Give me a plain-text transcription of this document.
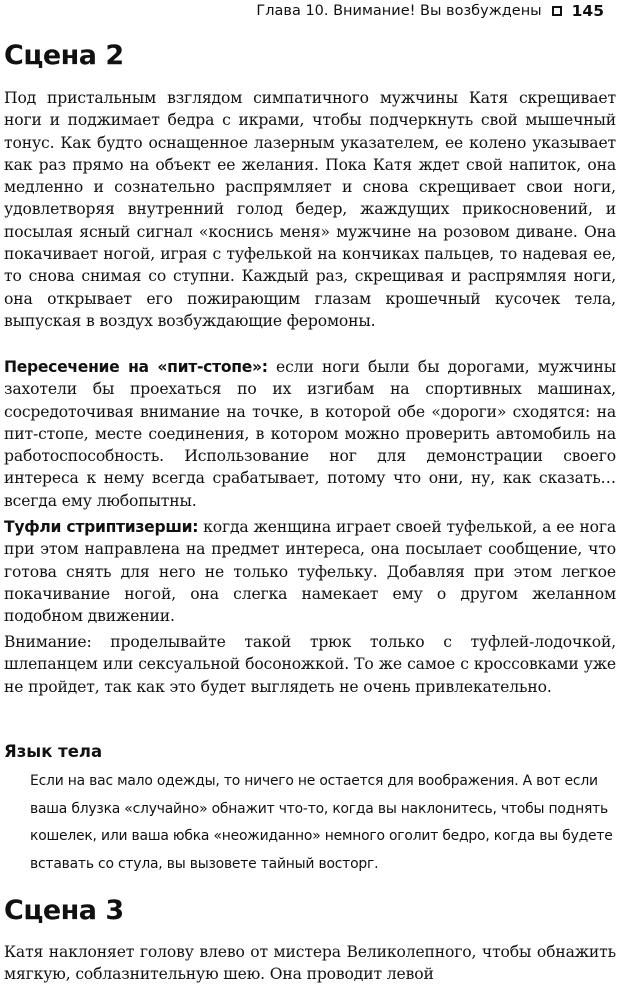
Глава 10. Внимание! Вы возбуждены 145
Сцена 2

Под пристальным взглядом симпатичного мужчины Катя скрещивает ноги и поджимает бедра с икрами, чтобы подчеркнуть свой мышечный тонус. Как будто оснащенное лазерным указателем, ее колено указывает как раз прямо на объект ее желания. Пока Катя ждет свой напиток, она медленно и сознательно распрямляет и снова скрещивает свои ноги, удовлетворяя внутренний голод бедер, жаждущих прикосновений, и посылая ясный сигнал «коснись меня» мужчине на розовом диване. Она покачивает ногой, играя с туфелькой на кончиках пальцев, то надевая ее, то снова снимая со ступни. Каждый раз, скрещивая и распрямляя ноги, она открывает его пожирающим глазам крошечный кусочек тела, выпуская в воздух возбуждающие феромоны.

Пересечение на «пит-стопе»: если ноги были бы дорогами, мужчины захотели бы проехаться по их изгибам на спортивных машинах, сосредоточивая внимание на точке, в которой обе «дороги» сходятся: на пит-стопе, месте соединения, в котором можно проверить автомобиль на работоспособность. Использование ног для демонстрации своего интереса к нему всегда срабатывает, потому что они, ну, как сказать… всегда ему любопытны.

Туфли стриптизерши: когда женщина играет своей туфелькой, а ее нога при этом направлена на предмет интереса, она посылает сообщение, что готова снять для него не только туфельку. Добавляя при этом легкое покачивание ногой, она слегка намекает ему о другом желанном подобном движении.

Внимание: проделывайте такой трюк только с туфлей-лодочкой, шлепанцем или сексуальной босоножкой. То же самое с кроссовками уже не пройдет, так как это будет выглядеть не очень привлекательно.

Язык тела

Если на вас мало одежды, то ничего не остается для воображения. А вот если ваша блузка «случайно» обнажит что-то, когда вы наклонитесь, чтобы поднять кошелек, или ваша юбка «неожиданно» немного оголит бедро, когда вы будете вставать со стула, вы вызовете тайный восторг.

Сцена 3

Катя наклоняет голову влево от мистера Великолепного, чтобы обнажить мягкую, соблазнительную шею. Она проводит левой
